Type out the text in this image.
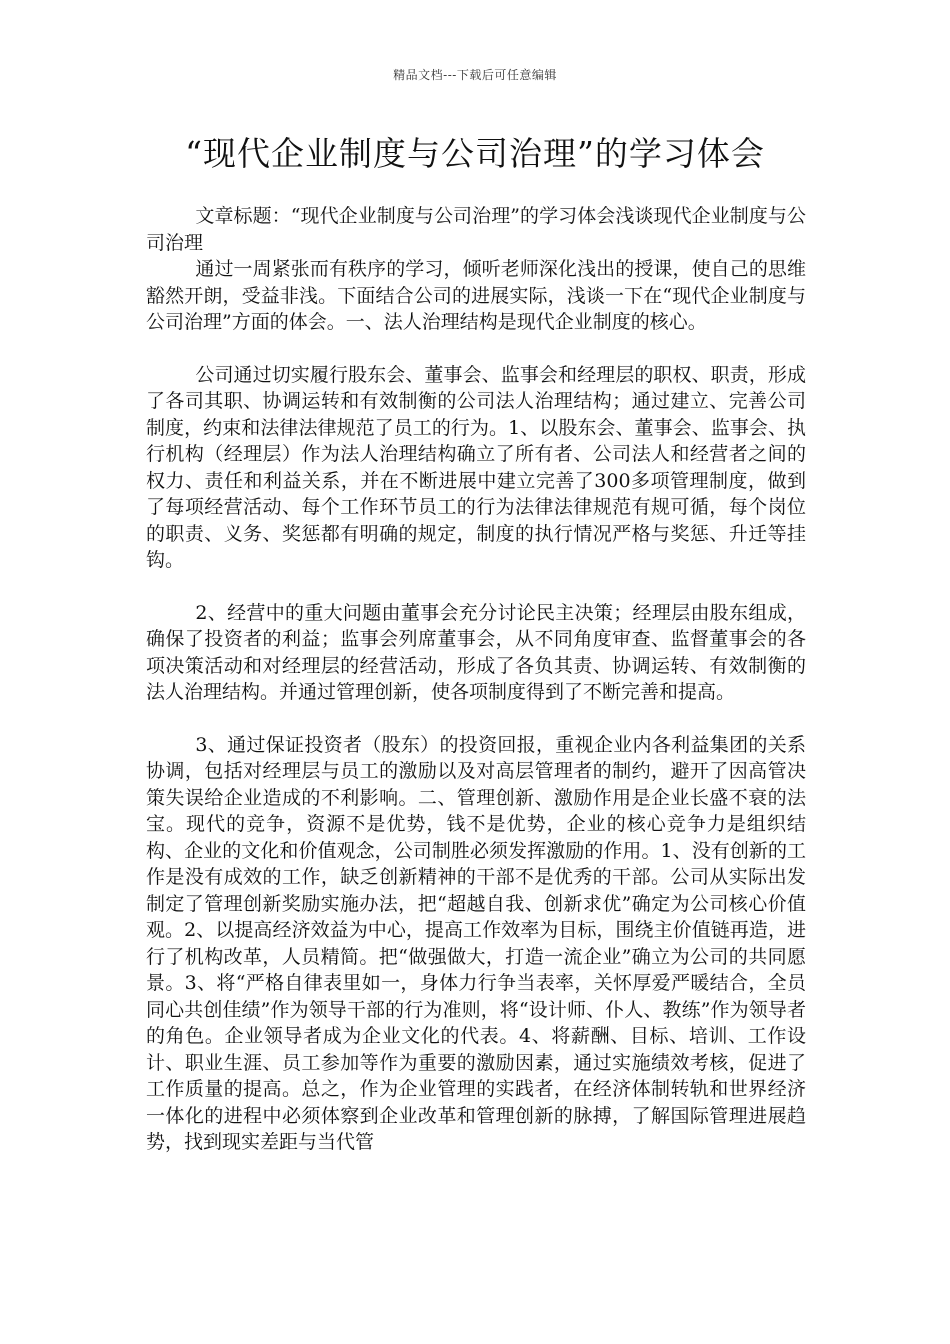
精品文档---下载后可任意编辑
“现代企业制度与公司治理”的学习体会

文章标题：“现代企业制度与公司治理”的学习体会浅谈现代企业制度与公司治理

通过一周紧张而有秩序的学习，倾听老师深化浅出的授课，使自己的思维豁然开朗，受益非浅。下面结合公司的进展实际，浅谈一下在“现代企业制度与公司治理”方面的体会。一、法人治理结构是现代企业制度的核心。

公司通过切实履行股东会、董事会、监事会和经理层的职权、职责，形成了各司其职、协调运转和有效制衡的公司法人治理结构；通过建立、完善公司制度，约束和法律法律规范了员工的行为。1、以股东会、董事会、监事会、执行机构（经理层）作为法人治理结构确立了所有者、公司法人和经营者之间的权力、责任和利益关系，并在不断进展中建立完善了300多项管理制度，做到了每项经营活动、每个工作环节员工的行为法律法律规范有规可循，每个岗位的职责、义务、奖惩都有明确的规定，制度的执行情况严格与奖惩、升迁等挂钩。

2、经营中的重大问题由董事会充分讨论民主决策；经理层由股东组成，确保了投资者的利益；监事会列席董事会，从不同角度审查、监督董事会的各项决策活动和对经理层的经营活动，形成了各负其责、协调运转、有效制衡的法人治理结构。并通过管理创新，使各项制度得到了不断完善和提高。

3、通过保证投资者（股东）的投资回报，重视企业内各利益集团的关系协调，包括对经理层与员工的激励以及对高层管理者的制约，避开了因高管决策失误给企业造成的不利影响。二、管理创新、激励作用是企业长盛不衰的法宝。现代的竞争，资源不是优势，钱不是优势，企业的核心竞争力是组织结构、企业的文化和价值观念，公司制胜必须发挥激励的作用。1、没有创新的工作是没有成效的工作，缺乏创新精神的干部不是优秀的干部。公司从实际出发制定了管理创新奖励实施办法，把“超越自我、创新求优”确定为公司核心价值观。2、以提高经济效益为中心，提高工作效率为目标，围绕主价值链再造，进行了机构改革，人员精简。把“做强做大，打造一流企业”确立为公司的共同愿景。3、将“严格自律表里如一，身体力行争当表率，关怀厚爱严暖结合，全员同心共创佳绩”作为领导干部的行为准则，将“设计师、仆人、教练”作为领导者的角色。企业领导者成为企业文化的代表。4、将薪酬、目标、培训、工作设计、职业生涯、员工参加等作为重要的激励因素，通过实施绩效考核，促进了工作质量的提高。总之，作为企业管理的实践者，在经济体制转轨和世界经济一体化的进程中必须体察到企业改革和管理创新的脉搏，了解国际管理进展趋势，找到现实差距与当代管
